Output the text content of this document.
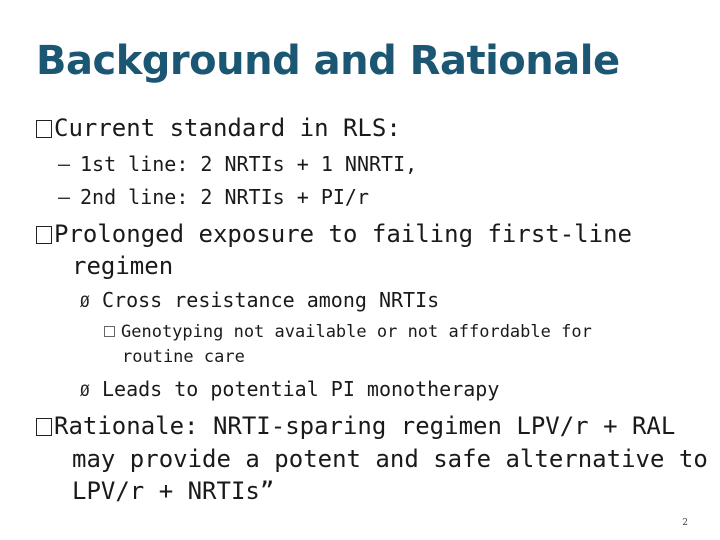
Background and Rationale
Current standard in RLS:
— 1st line: 2 NRTIs + 1 NNRTI,
— 2nd line: 2 NRTIs + PI/r
Prolonged exposure to failing first-line
regimen
Ø Cross resistance among NRTIs
Genotyping not available or not affordable for
routine care
Ø Leads to potential PI monotherapy
Rationale: NRTI-sparing regimen LPV/r + RAL
may provide a potent and safe alternative to
LPV/r + NRTIs”
2
